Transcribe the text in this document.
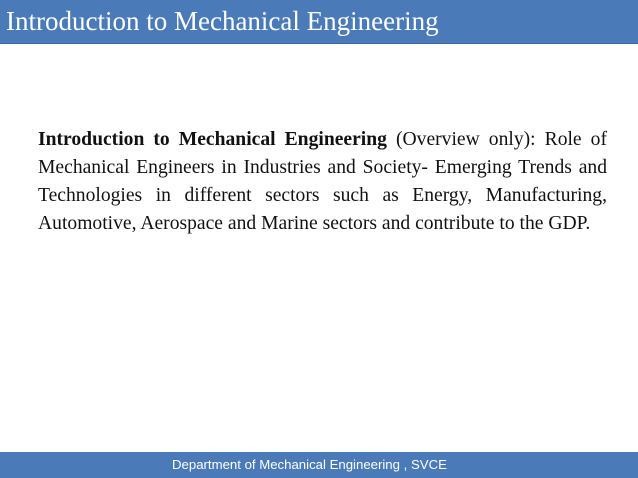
Introduction to Mechanical Engineering
Introduction to Mechanical Engineering (Overview only): Role of Mechanical Engineers in Industries and Society- Emerging Trends and Technologies in different sectors such as Energy, Manufacturing, Automotive, Aerospace and Marine sectors and contribute to the GDP.
Department of Mechanical Engineering , SVCE
